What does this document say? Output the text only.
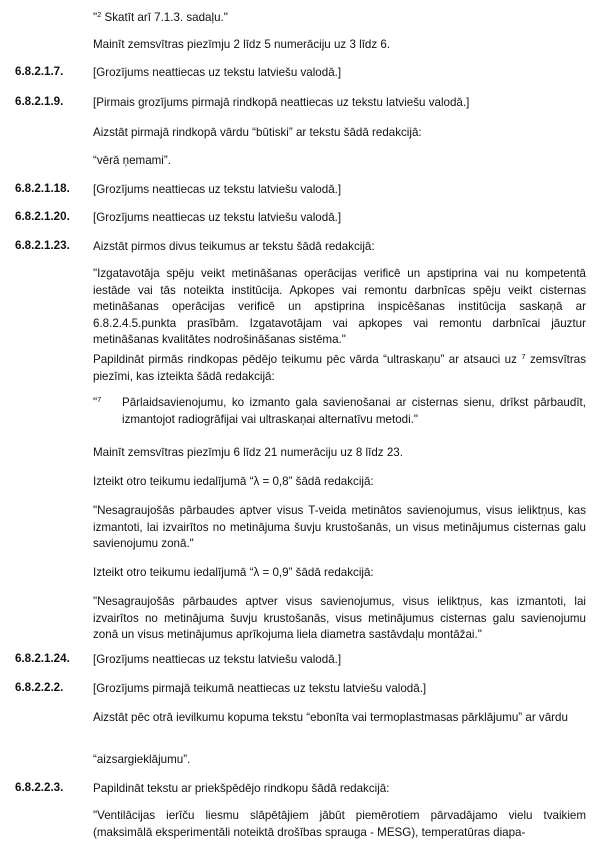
"$^2$ Skatīt arī 7.1.3. sadaļu."
Mainīt zemsvītras piezīmju 2 līdz 5 numerāciju uz 3 līdz 6.
6.8.2.1.7.	[Grozījums neattiecas uz tekstu latviešu valodā.]
6.8.2.1.9.	[Pirmais grozījums pirmajā rindkopā neattiecas uz tekstu latviešu valodā.]
Aizstāt pirmajā rindkopā vārdu “būtiski” ar tekstu šādā redakcijā:
“vērā ņemami”.
6.8.2.1.18. [Grozījums neattiecas uz tekstu latviešu valodā.]
6.8.2.1.20. [Grozījums neattiecas uz tekstu latviešu valodā.]
6.8.2.1.23. Aizstāt pirmos divus teikumus ar tekstu šādā redakcijā:
"Izgatavotāja spēju veikt metināšanas operācijas verificē un apstiprina vai nu kompetentā iestāde vai tās noteikta institūcija. Apkopes vai remontu darbnīcas spēju veikt cisternas metināšanas operācijas verificē un apstiprina inspicēšanas institūcija saskaņā ar 6.8.2.4.5.punkta prasībām. Izgatavotājam vai apkopes vai remontu darbnīcai jāuztur metināšanas kvalitātes nodrošināšanas sistēma."
Papildināt pirmās rindkopas pēdējo teikumu pēc vārda “ultraskaņu” ar atsauci uz $^7$ zemsvītras piezīmi, kas izteikta šādā redakcijā:
"$^7$ Pārlaidsavienojumu, ko izmanto gala savienošanai ar cisternas sienu, drīkst pārbaudīt, izmantojot radiogrāfijai vai ultraskaņai alternatīvu metodi."
Mainīt zemsvītras piezīmju 6 līdz 21 numerāciju uz 8 līdz 23.
Izteikt otro teikumu iedalījumā “λ = 0,8” šādā redakcijā:
"Nesagraujošās pārbaudes aptver visus T-veida metinātos savienojumus, visus ieliktņus, kas izmantoti, lai izvairītos no metinājuma šuvju krustošanās, un visus metinājumus cisternas galu savienojumu zonā."
Izteikt otro teikumu iedalījumā “λ = 0,9” šādā redakcijā:
"Nesagraujošās pārbaudes aptver visus savienojumus, visus ieliktņus, kas izmantoti, lai izvairītos no metinājuma šuvju krustošanās, visus metinājumus cisternas galu savienojumu zonā un visus metinājumus aprīkojuma liela diametra sastāvdaļu montāžai."
6.8.2.1.24. [Grozījums neattiecas uz tekstu latviešu valodā.]
6.8.2.2.2.	[Grozījums pirmajā teikumā neattiecas uz tekstu latviešu valodā.]
Aizstāt pēc otrā ievilkumu kopuma tekstu “ebonīta vai termoplastmasas pārklājumu” ar vārdu
“aizsargieklājumu”.
6.8.2.2.3.	Papildināt tekstu ar priekšpēdējo rindkopu šādā redakcijā:
"Ventilācijas ierīču liesmu slāpētājiem jābūt piemērotiem pārvadājamo vielu tvaikiem (maksimālā eksperimentāli noteiktā drošības sprauga - MESG), temperatūras diapa-
